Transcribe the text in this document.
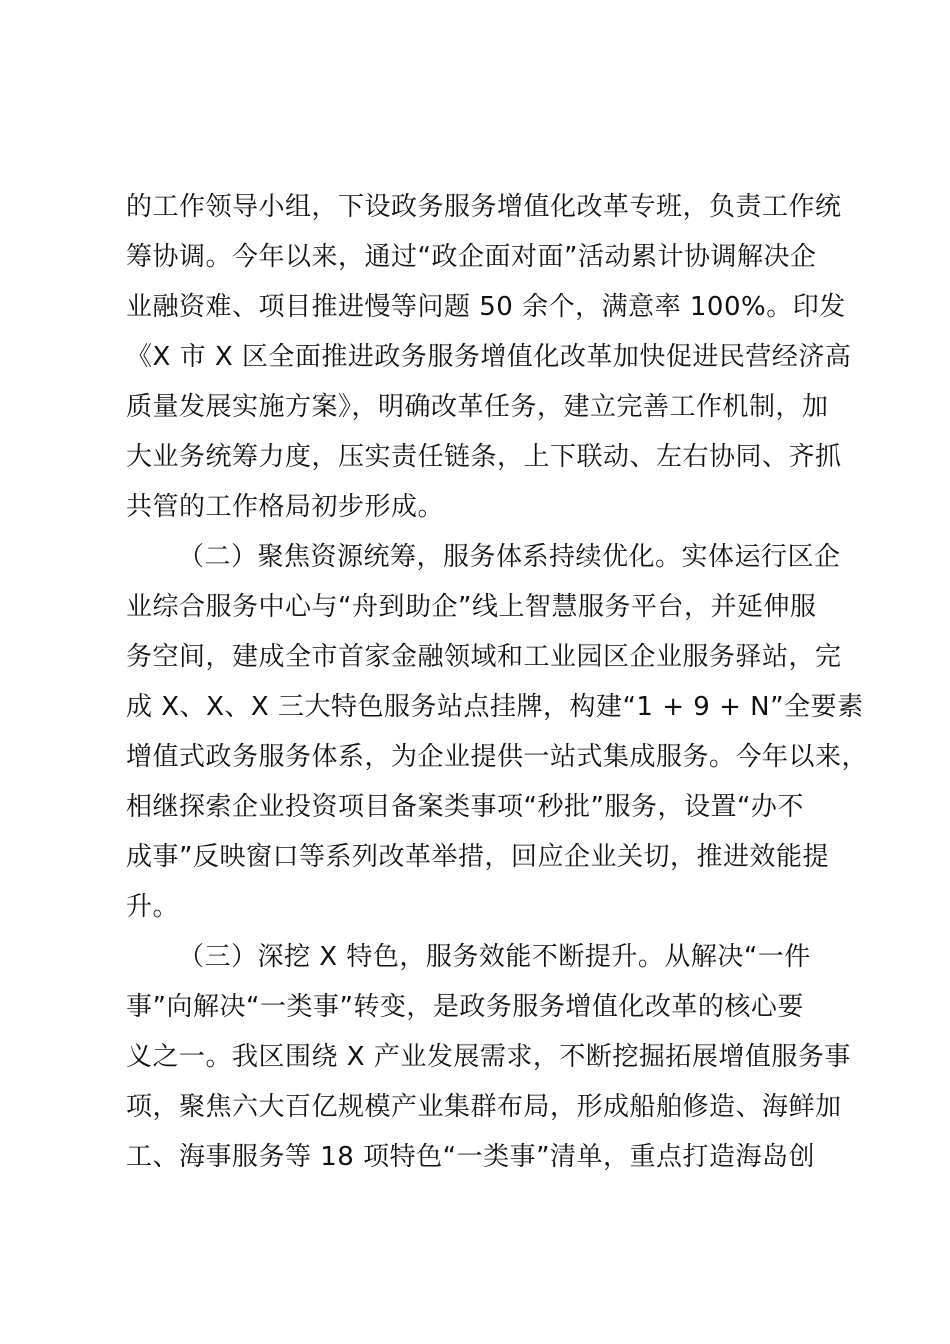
的工作领导小组，下设政务服务增值化改革专班，负责工作统
筹协调。今年以来，通过“政企面对面”活动累计协调解决企
业融资难、项目推进慢等问题 50 余个，满意率 100%。印发
《X 市 X 区全面推进政务服务增值化改革加快促进民营经济高
质量发展实施方案》，明确改革任务，建立完善工作机制，加
大业务统筹力度，压实责任链条，上下联动、左右协同、齐抓
共管的工作格局初步形成。
（二）聚焦资源统筹，服务体系持续优化。实体运行区企
业综合服务中心与“舟到助企”线上智慧服务平台，并延伸服
务空间，建成全市首家金融领域和工业园区企业服务驿站，完
成 X、X、X 三大特色服务站点挂牌，构建“1 + 9 + N”全要素
增值式政务服务体系，为企业提供一站式集成服务。今年以来，
相继探索企业投资项目备案类事项“秒批”服务，设置“办不
成事”反映窗口等系列改革举措，回应企业关切，推进效能提
升。
（三）深挖 X 特色，服务效能不断提升。从解决“一件
事”向解决“一类事”转变，是政务服务增值化改革的核心要
义之一。我区围绕 X 产业发展需求，不断挖掘拓展增值服务事
项，聚焦六大百亿规模产业集群布局，形成船舶修造、海鲜加
工、海事服务等 18 项特色“一类事”清单，重点打造海岛创
